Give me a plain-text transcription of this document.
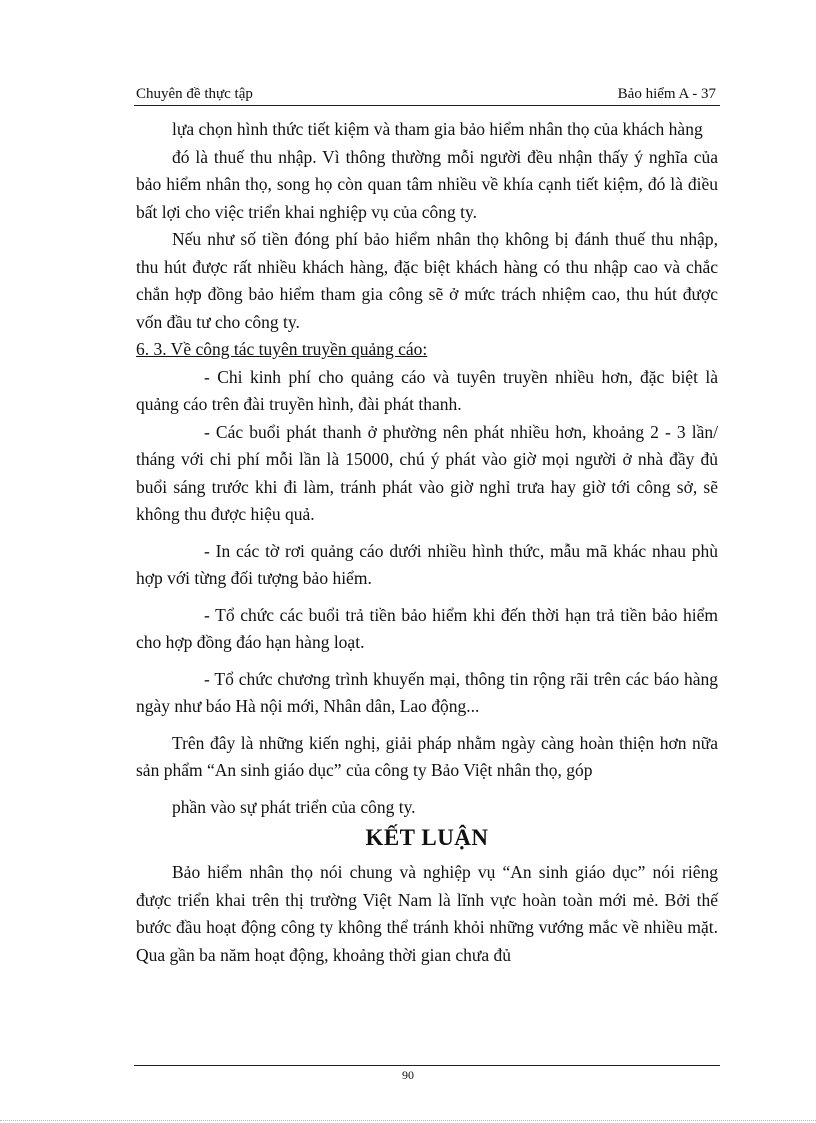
Chuyên đề thực tập	Bảo hiểm A - 37

lựa chọn hình thức tiết kiệm và tham gia bảo hiểm nhân thọ của khách hàng

đó là thuế thu nhập. Vì thông thường mỗi người đều nhận thấy ý nghĩa của bảo hiểm nhân thọ, song họ còn quan tâm nhiều về khía cạnh tiết kiệm, đó là điều bất lợi cho việc triển khai nghiệp vụ của công ty.

Nếu như số tiền đóng phí bảo hiểm nhân thọ không bị đánh thuế thu nhập, thu hút được rất nhiều khách hàng, đặc biệt khách hàng có thu nhập cao và chắc chắn hợp đồng bảo hiểm tham gia công sẽ ở mức trách nhiệm cao, thu hút được vốn đầu tư cho công ty.

6. 3. Về công tác tuyên truyền quảng cáo:

- Chi kinh phí cho quảng cáo và tuyên truyền nhiều hơn, đặc biệt là quảng cáo trên đài truyền hình, đài phát thanh.

- Các buổi phát thanh ở phường nên phát nhiều hơn, khoảng 2 - 3 lần/ tháng với chi phí mỗi lần là 15000, chú ý phát vào giờ mọi người ở nhà đầy đủ buổi sáng trước khi đi làm, tránh phát vào giờ nghỉ trưa hay giờ tới công sở, sẽ không thu được hiệu quả.

- In các tờ rơi quảng cáo dưới nhiều hình thức, mẫu mã khác nhau phù hợp với từng đối tượng bảo hiểm.

- Tổ chức các buổi trả tiền bảo hiểm khi đến thời hạn trả tiền bảo hiểm cho hợp đồng đáo hạn hàng loạt.

- Tổ chức chương trình khuyến mại, thông tin rộng rãi trên các báo hàng ngày như báo Hà nội mới, Nhân dân, Lao động...

Trên đây là những kiến nghị, giải pháp nhằm ngày càng hoàn thiện hơn nữa sản phẩm “An sinh giáo dục” của công ty Bảo Việt nhân thọ, góp

phần vào sự phát triển của công ty.

KẾT LUẬN

Bảo hiểm nhân thọ nói chung và nghiệp vụ “An sinh giáo dục” nói riêng được triển khai trên thị trường Việt Nam là lĩnh vực hoàn toàn mới mẻ. Bởi thế bước đầu hoạt động công ty không thể tránh khỏi những vướng mắc về nhiều mặt. Qua gần ba năm hoạt động, khoảng thời gian chưa đủ

90
